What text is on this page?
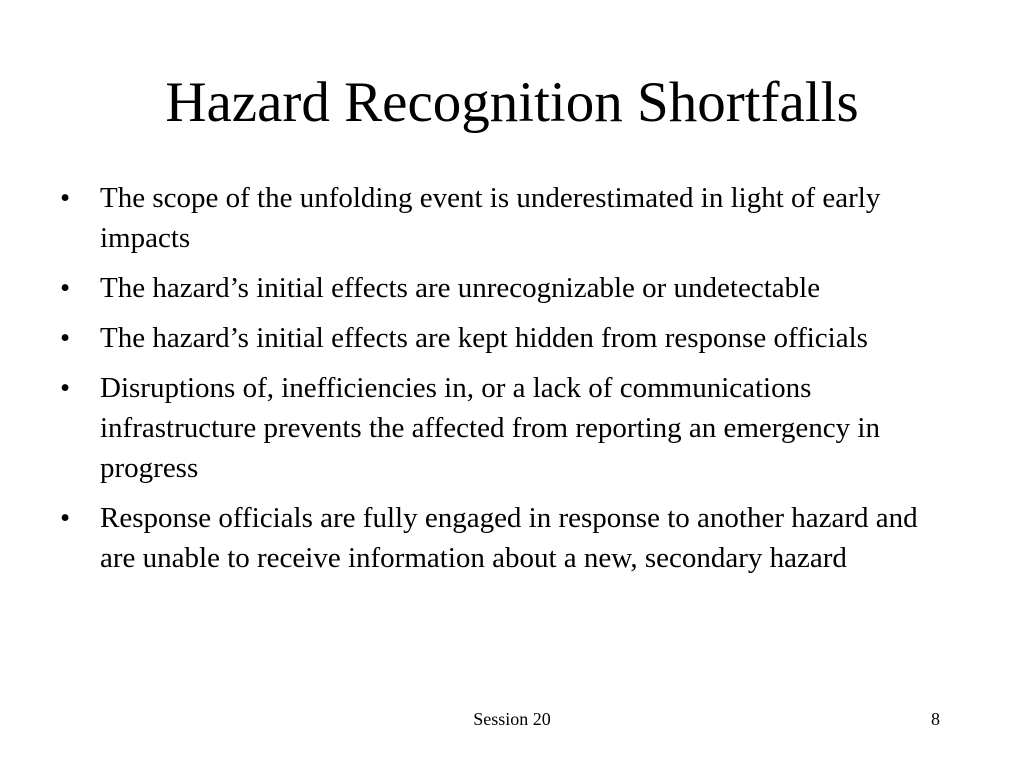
Hazard Recognition Shortfalls
•	The scope of the unfolding event is underestimated in light of early impacts
•	The hazard’s initial effects are unrecognizable or undetectable
•	The hazard’s initial effects are kept hidden from response officials
•	Disruptions of, inefficiencies in, or a lack of communications infrastructure prevents the affected from reporting an emergency in progress
•	Response officials are fully engaged in response to another hazard and are unable to receive information about a new, secondary hazard
Session 20	8
